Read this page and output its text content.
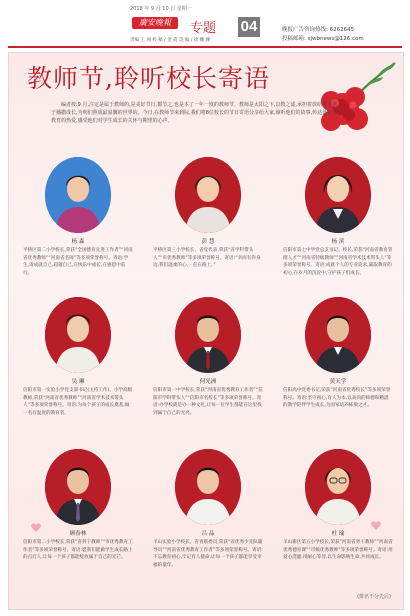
2018 年 9 月 10 日 星期一
廣安晚報	专题 04
责编 王 洲 校 稿 / 金 霞 美 编 / 徐 姗 姗
晚报广告咨询热线: 6262645
投稿邮箱: sjwbnews@126.com
教师节,聆听校长寄语
编者按:9 月,注定是属于教师的,是美好节日,都节之,也是本了一年一度的教师节。教师是太阳之下,以教之滤,承担着放给每个孩子播撒成长,为明们照成最温馨的世界的。今日,在教师节来到际,我们将8位校长的节日寄语分享给大家,倾听他们的故事,传达他们对教育的热爱,感受他们对学生成长的关怀与期望的心声。
杨 森
平桥区第二小学校长,荣获“全国德育先进工作者”“河南省优秀教师”“河南省名师”等多项荣誉称号。寄语:学生,请成就自己,超越自己,在快乐中成长,在感恩中前行。
彭 慧
平桥区第三小学校长、省党代表,荣获“省学科带头人”“市优秀教师”等多项荣誉称号。寄语:“幸而有你身边,我们温柔的心,一直在路上。”
杨 滨
信阳市第七中学党总支书记、校长,荣获“河南省教育管理人才”“河南省特级教师”“河南省学术技术带头人”等多项荣誉称号。寄语:成就个人的专业追求,赢取教育的初心,在岁月的沉淀中,守护孩子们成长。
吴 琳
信阳市第一实验小学党支部书记(主持工作)、小学高级教师,荣获“河南省优秀教师”“河南省学术技术带头人”等多项荣誉称号。寄语:为每个孩子的成长奠基,做一名有温度的教育者。
何光洲
信阳市第一中学校长,荣获“河南省优秀教育工作者”“信阳市学科带头人”“信阳市名校长”等多项荣誉称号。寄语:办学校就是办一种文化,让每一位学生都能在这里找到属于自己的光亮。
黄天学
信阳高中党委书记,荣获“河南省优秀校长”等多项荣誉称号。寄语:坚守初心,育人为本,以高尚的师德和精湛的教学陪伴学生成长,为国家培养栋梁之才。
顾春林
信阳市第二小学校长,荣获“省骨干教师”“市优秀教育工作者”等多项荣誉称号。寄语:愿我们能做学生成长路上的点灯人,让每一个孩子都能绽放属于自己的光芒。
吕 品
羊山实验小学校长、省青联委员,荣获“省优秀少先队辅导员”“河南省优秀教育工作者”等多项荣誉称号。寄语:不忘教育初心,牢记育人使命,让每一个孩子都能享受幸福的童年。
杜 瑜
羊山新区第五小学校长,荣获“河南省骨干教师”“河南省优秀德育课”“市级优秀教师”等多项荣誉称号。寄语:用爱心浇灌,用耐心等待,以生命影响生命,共同成长。
(排名不分先后)
